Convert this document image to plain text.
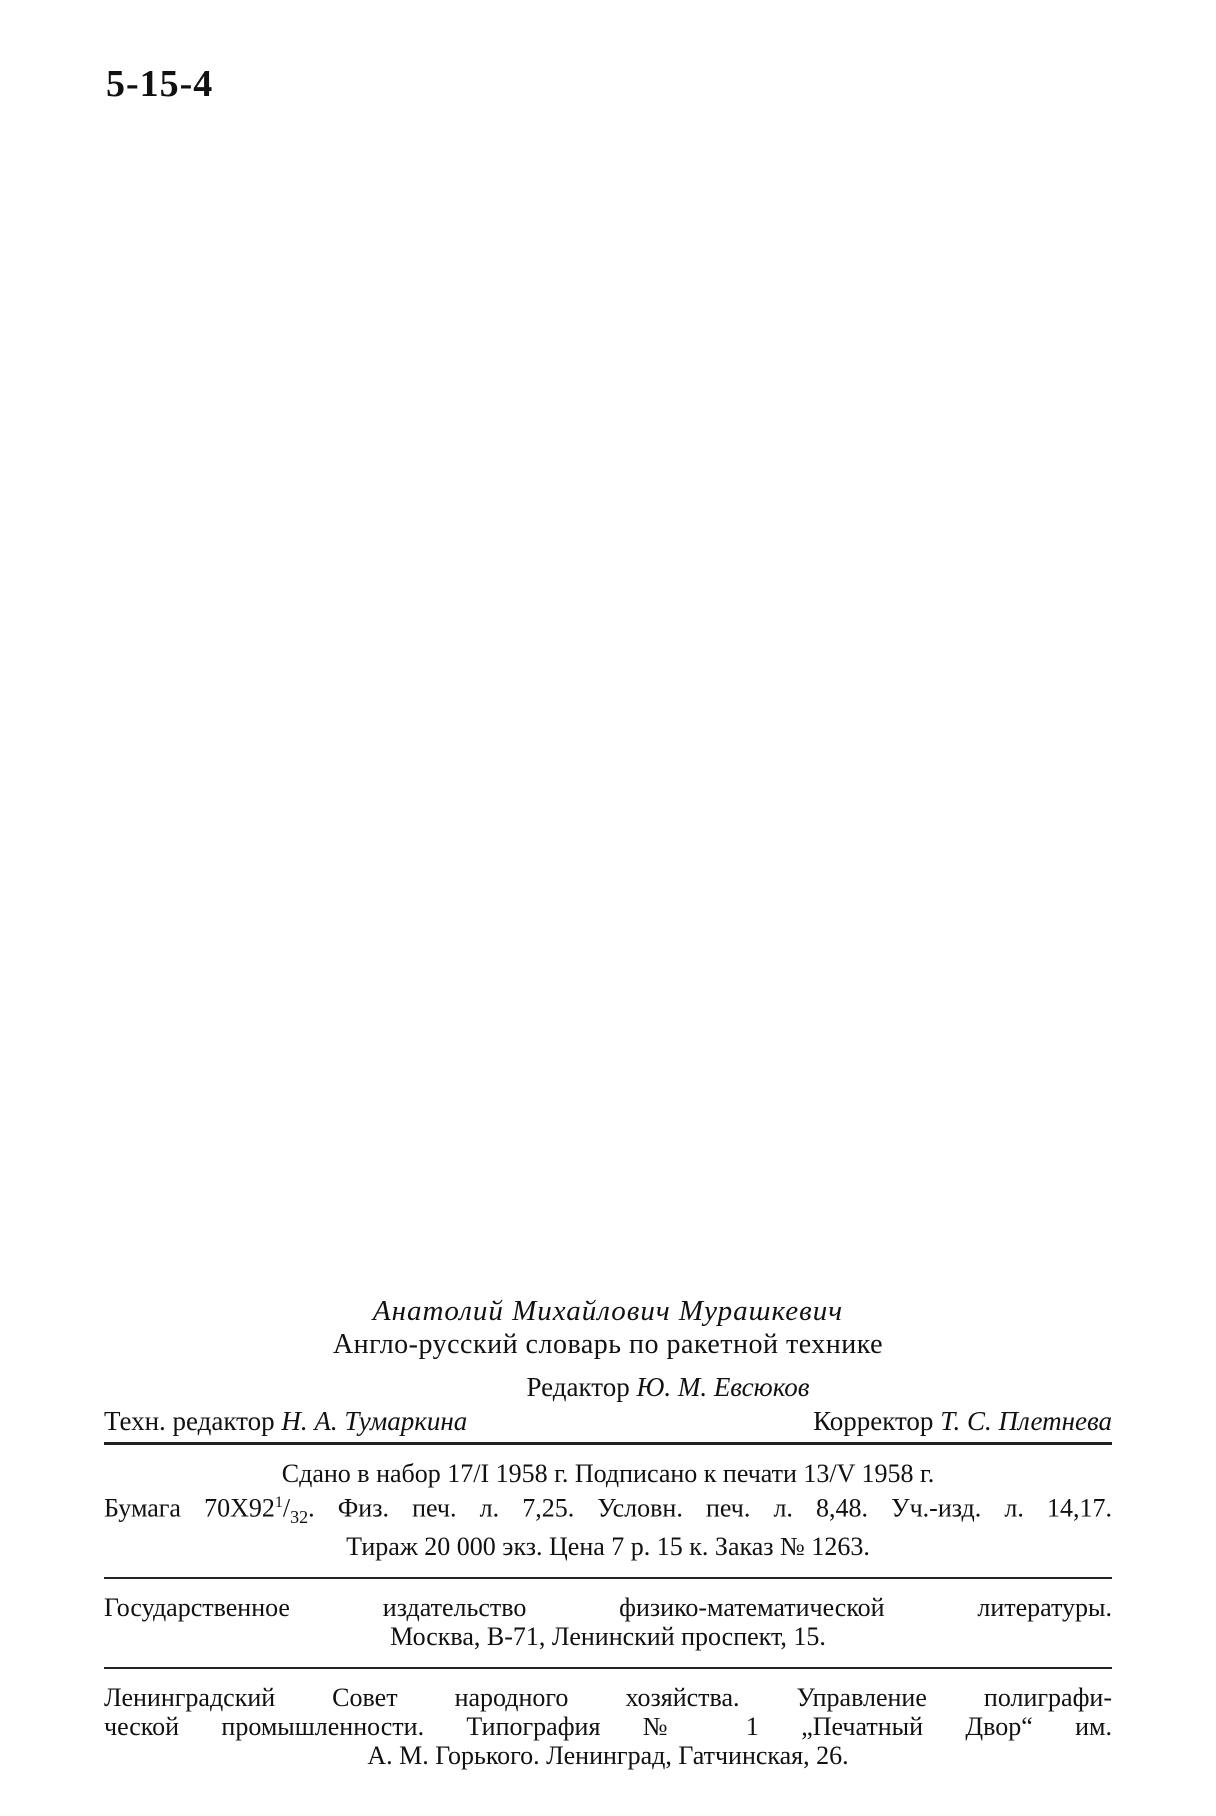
5-15-4
Анатолий Михайлович Мурашкевич
Англо-русский словарь по ракетной технике
Редактор Ю. М. Евсюков
Техн. редактор Н. А. Тумаркина	Корректор Т. С. Плетнева
Сдано в набор 17/I 1958 г. Подписано к печати 13/V 1958 г.
Бумага $70X92^1/_{32}$. Физ. печ. л. 7,25. Условн. печ. л. 8,48. Уч.-изд. л. 14,17.
Тираж 20 000 экз. Цена 7 р. 15 к. Заказ № 1263.
Государственное издательство физико-математической литературы.
Москва, В-71, Ленинский проспект, 15.
Ленинградский Совет народного хозяйства. Управление полиграфи-
ческой промышленности. Типография № 1 „Печатный Двор“ им.
А. М. Горького. Ленинград, Гатчинская, 26.
